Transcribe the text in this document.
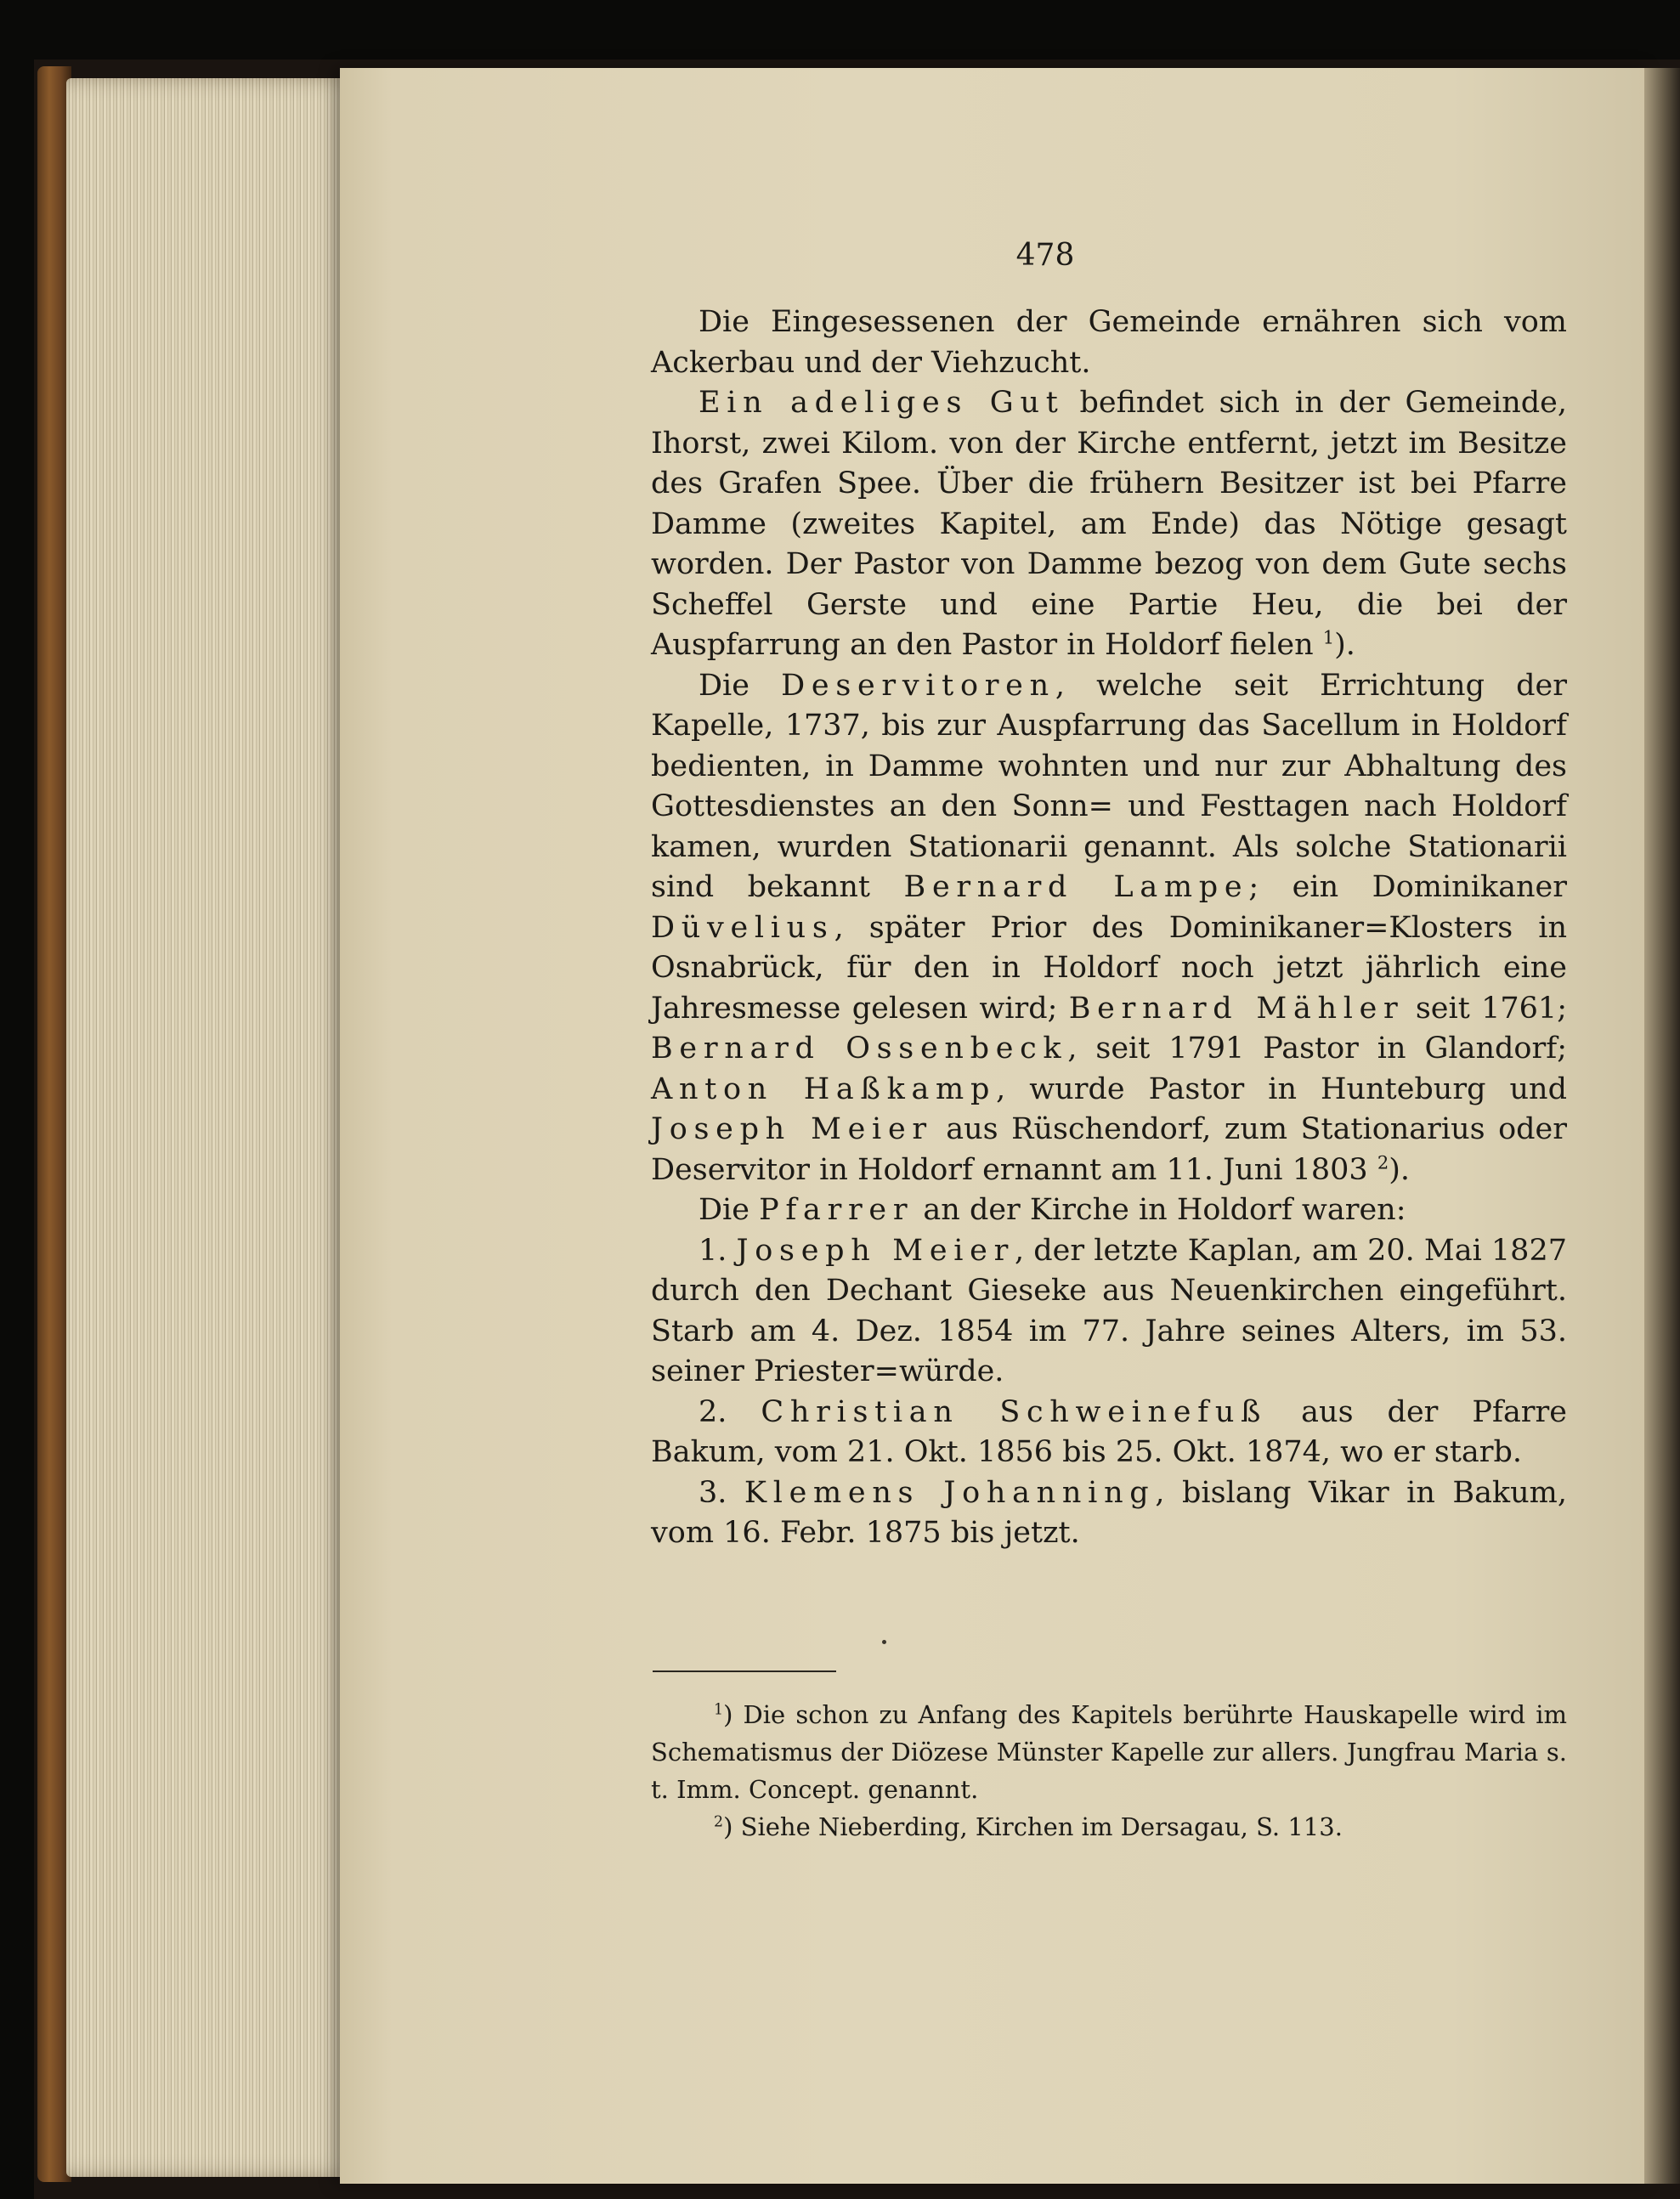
478

Die Eingesessenen der Gemeinde ernähren sich vom Ackerbau und der Viehzucht.

Ein adeliges Gut befindet sich in der Gemeinde, Ihorst, zwei Kilom. von der Kirche entfernt, jetzt im Besitze des Grafen Spee. Über die frühern Besitzer ist bei Pfarre Damme (zweites Kapitel, am Ende) das Nötige gesagt worden. Der Pastor von Damme bezog von dem Gute sechs Scheffel Gerste und eine Partie Heu, die bei der Auspfarrung an den Pastor in Holdorf fielen $^1$).

Die Deservitoren, welche seit Errichtung der Kapelle, 1737, bis zur Auspfarrung das Sacellum in Holdorf bedienten, in Damme wohnten und nur zur Abhaltung des Gottesdienstes an den Sonn= und Festtagen nach Holdorf kamen, wurden Stationarii genannt. Als solche Stationarii sind bekannt Bernard Lampe; ein Dominikaner Düvelius, später Prior des Dominikaner=Klosters in Osnabrück, für den in Holdorf noch jetzt jährlich eine Jahresmesse gelesen wird; Bernard Mähler seit 1761; Bernard Ossenbeck, seit 1791 Pastor in Glandorf; Anton Haßkamp, wurde Pastor in Hunteburg und Joseph Meier aus Rüschendorf, zum Stationarius oder Deservitor in Holdorf ernannt am 11. Juni 1803 $^2$).

Die Pfarrer an der Kirche in Holdorf waren:

1. Joseph Meier, der letzte Kaplan, am 20. Mai 1827 durch den Dechant Gieseke aus Neuenkirchen eingeführt. Starb am 4. Dez. 1854 im 77. Jahre seines Alters, im 53. seiner Priester=würde.

2. Christian Schweinefuß aus der Pfarre Bakum, vom 21. Okt. 1856 bis 25. Okt. 1874, wo er starb.

3. Klemens Johanning, bislang Vikar in Bakum, vom 16. Febr. 1875 bis jetzt.

$^1$) Die schon zu Anfang des Kapitels berührte Hauskapelle wird im Schematismus der Diözese Münster Kapelle zur allers. Jungfrau Maria s. t. Imm. Concept. genannt.

$^2$) Siehe Nieberding, Kirchen im Dersagau, S. 113.
